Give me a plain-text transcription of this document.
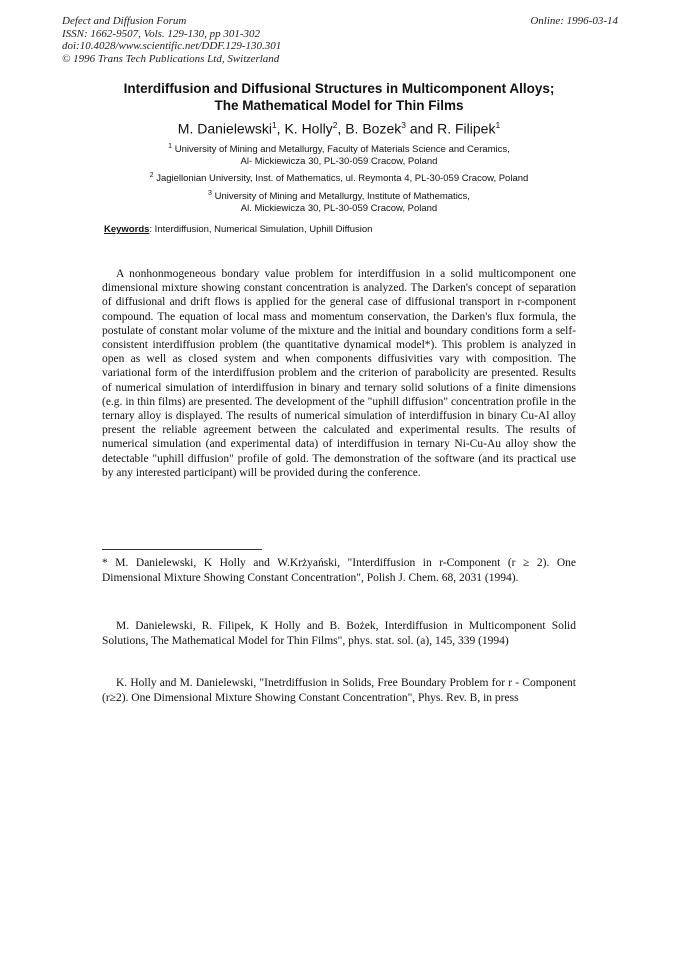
Defect and Diffusion Forum
ISSN: 1662-9507, Vols. 129-130, pp 301-302
doi:10.4028/www.scientific.net/DDF.129-130.301
© 1996 Trans Tech Publications Ltd, Switzerland
Online: 1996-03-14
Interdiffusion and Diffusional Structures in Multicomponent Alloys;
The Mathematical Model for Thin Films
M. Danielewski$^1$, K. Holly$^2$, B. Bozek$^3$ and R. Filipek$^1$
$^1$ University of Mining and Metallurgy, Faculty of Materials Science and Ceramics,
Al- Mickiewicza 30, PL-30-059 Cracow, Poland
$^2$ Jagiellonian University, Inst. of Mathematics, ul. Reymonta 4, PL-30-059 Cracow, Poland
$^3$ University of Mining and Metallurgy, Institute of Mathematics,
Al. Mickiewicza 30, PL-30-059 Cracow, Poland
Keywords: Interdiffusion, Numerical Simulation, Uphill Diffusion

A nonhonmogeneous bondary value problem for interdiffusion in a solid multicomponent one dimensional mixture showing constant concentration is analyzed. The Darken's concept of separation of diffusional and drift flows is applied for the general case of diffusional transport in r-component compound. The equation of local mass and momentum conservation, the Darken's flux formula, the postulate of constant molar volume of the mixture and the initial and boundary conditions form a self-consistent interdiffusion problem (the quantitative dynamical model*). This problem is analyzed in open as well as closed system and when components diffusivities vary with composition. The variational form of the interdiffusion problem and the criterion of parabolicity are presented. Results of numerical simulation of interdiffusion in binary and ternary solid solutions of a finite dimensions (e.g. in thin films) are presented. The development of the "uphill diffusion" concentration profile in the ternary alloy is displayed. The results of numerical simulation of interdiffusion in binary Cu-Al alloy present the reliable agreement between the calculated and experimental results. The results of numerical simulation (and experimental data) of interdiffusion in ternary Ni-Cu-Au alloy show the detectable "uphill diffusion" profile of gold. The demonstration of the software (and its practical use by any interested participant) will be provided during the conference.

* M. Danielewski, K Holly and W.Krżyański, "Interdiffusion in r-Component (r ≥ 2). One Dimensional Mixture Showing Constant Concentration", Polish J. Chem. 68, 2031 (1994).

M. Danielewski, R. Filipek, K Holly and B. Bożek, Interdiffusion in Multicomponent Solid Solutions, The Mathematical Model for Thin Films", phys. stat. sol. (a), 145, 339 (1994)

K. Holly and M. Danielewski, "Inetrdiffusion in Solids, Free Boundary Problem for r - Component (r≥2). One Dimensional Mixture Showing Constant Concentration", Phys. Rev. B, in press
